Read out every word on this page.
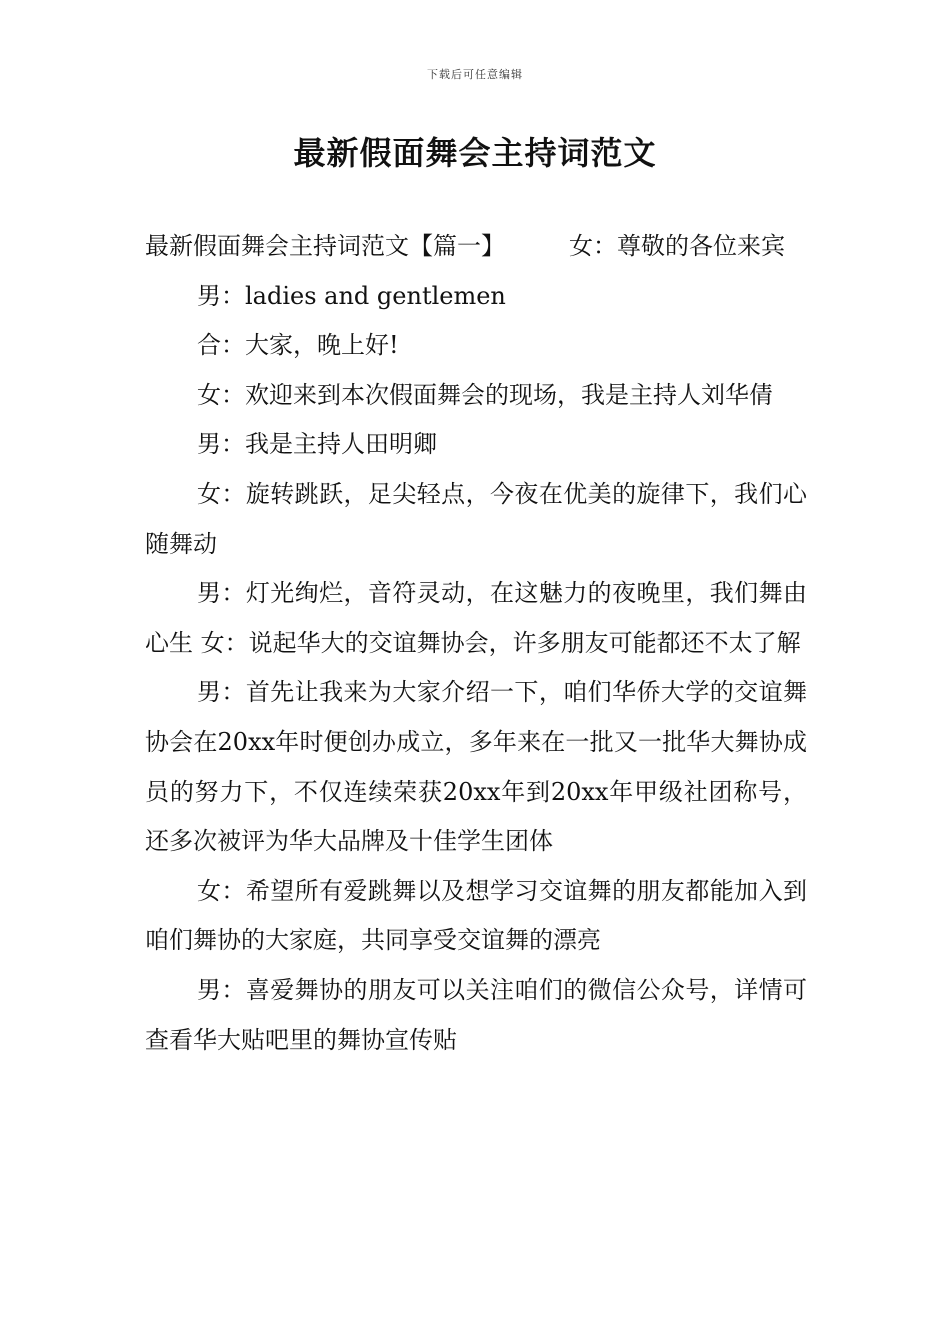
下载后可任意编辑
最新假面舞会主持词范文

最新假面舞会主持词范文【篇一】	女：尊敬的各位来宾

男：ladies and gentlemen

合：大家，晚上好!

女：欢迎来到本次假面舞会的现场，我是主持人刘华倩

男：我是主持人田明卿

女：旋转跳跃，足尖轻点，今夜在优美的旋律下，我们心随舞动

男：灯光绚烂，音符灵动，在这魅力的夜晚里，我们舞由心生 女：说起华大的交谊舞协会，许多朋友可能都还不太了解

男：首先让我来为大家介绍一下，咱们华侨大学的交谊舞协会在20xx年时便创办成立，多年来在一批又一批华大舞协成员的努力下，不仅连续荣获20xx年到20xx年甲级社团称号，还多次被评为华大品牌及十佳学生团体

女：希望所有爱跳舞以及想学习交谊舞的朋友都能加入到咱们舞协的大家庭，共同享受交谊舞的漂亮

男：喜爱舞协的朋友可以关注咱们的微信公众号，详情可查看华大贴吧里的舞协宣传贴
